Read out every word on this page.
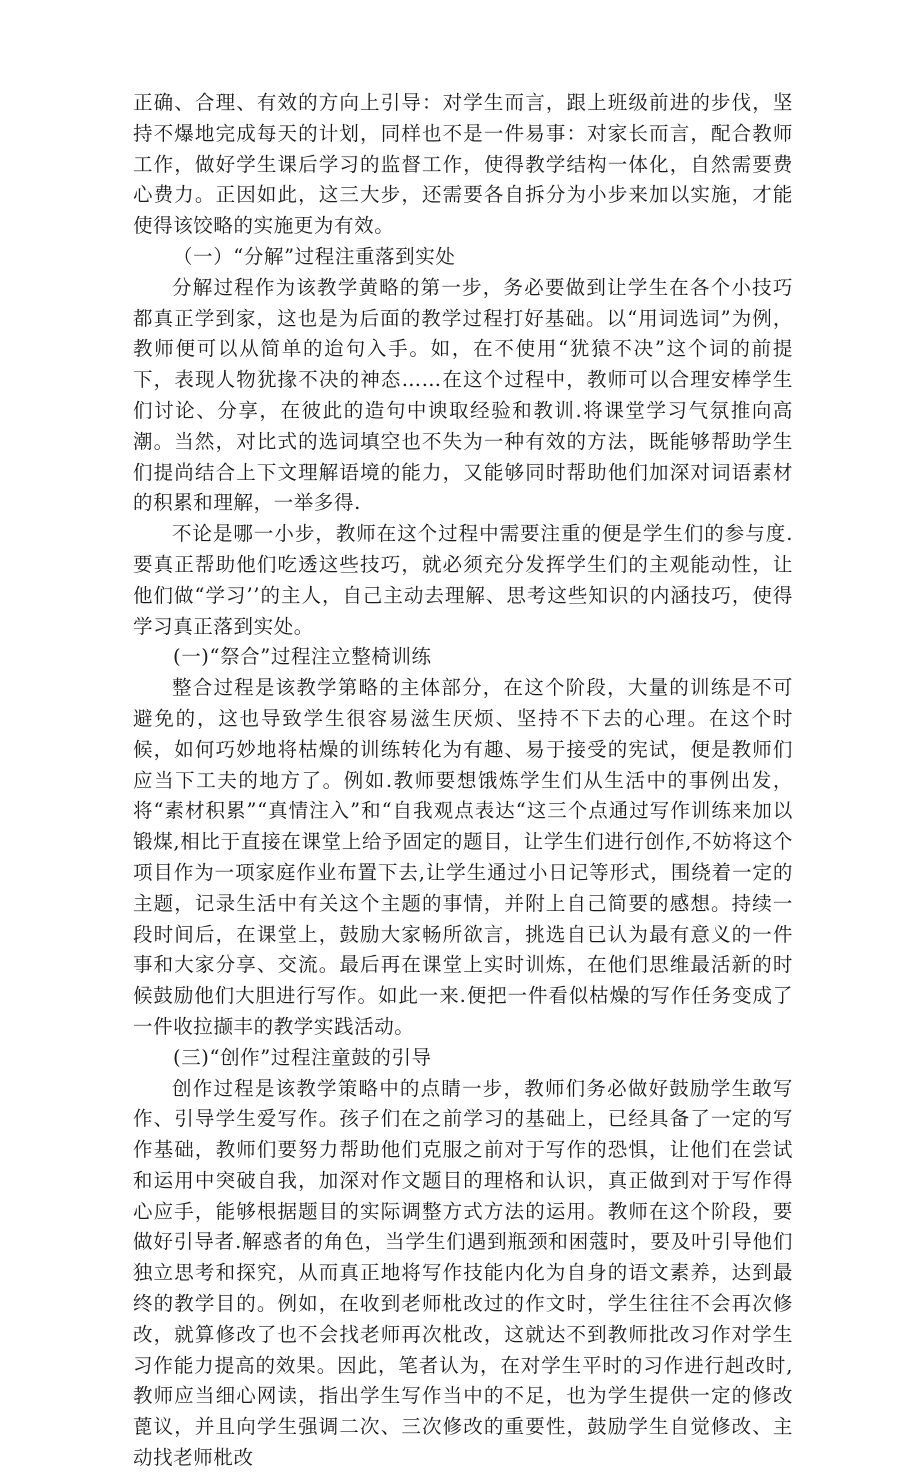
正确、合理、有效的方向上引导：对学生而言，跟上班级前进的步伐，坚持不爆地完成每天的计划，同样也不是一件易事：对家长而言，配合教师工作，做好学生课后学习的监督工作，使得教学结构一体化，自然需要费心费力。正因如此，这三大步，还需要各自拆分为小步来加以实施，才能使得该饺略的实施更为有效。

（一）“分解”过程注重落到实处

分解过程作为该教学黄略的第一步，务必要做到让学生在各个小技巧都真正学到家，这也是为后面的教学过程打好基础。以“用词选词”为例，教师便可以从简单的迨句入手。如，在不使用“犹猿不决”这个词的前提下，表现人物犹掾不决的神态……在这个过程中，教师可以合理安棒学生们讨论、分享，在彼此的造句中谀取经验和教训.将课堂学习气氛推向高潮。当然，对比式的选词填空也不失为一种有效的方法，既能够帮助学生们提尚结合上下文理解语境的能力，又能够同时帮助他们加深对词语素材的积累和理解，一举多得.

不论是哪一小步，教师在这个过程中需要注重的便是学生们的参与度.要真正帮助他们吃透这些技巧，就必须充分发挥学生们的主观能动性，让他们做“学习’’的主人，自己主动去理解、思考这些知识的内涵技巧，使得学习真正落到实处。

(一)“祭合”过程注立整椅训练

整合过程是该教学第略的主体部分，在这个阶段，大量的训练是不可避免的，这也导致学生很容易滋生厌烦、坚持不下去的心理。在这个时候，如何巧妙地将枯燥的训练转化为有趣、易于接受的宪试，便是教师们应当下工夫的地方了。例如.教师要想饿炼学生们从生活中的事例出发，将“素材积累”“真情注入”和“自我观点表达“这三个点通过写作训练来加以锻煤,相比于直接在课堂上给予固定的题目，让学生们进行创作,不妨将这个项目作为一项家庭作业布置下去,让学生通过小日记等形式，围绕着一定的主题，记录生活中有关这个主题的事情，并附上自己简要的感想。持续一段时间后，在课堂上，鼓励大家畅所欲言，挑选自已认为最有意义的一件事和大家分享、交流。最后再在课堂上实时训炼，在他们思维最活新的时候鼓励他们大胆进行写作。如此一来.便把一件看似枯燥的写作任务变成了一件收拉撷丰的教学实践活动。

(三)“创作”过程注童鼓的引导

创作过程是该教学策略中的点睛一步，教师们务必做好鼓励学生敢写作、引导学生爱写作。孩子们在之前学习的基础上，已经具备了一定的写作基础，教师们要努力帮助他们克服之前对于写作的恐惧，让他们在尝试和运用中突破自我，加深对作文题目的理格和认识，真正做到对于写作得心应手，能够根据题目的实际调整方式方法的运用。教师在这个阶段，要做好引导者.解惑者的角色，当学生们遇到瓶颈和困蔻时，要及叶引导他们独立思考和探究，从而真正地将写作技能内化为自身的语文素养，达到最终的教学目的。例如，在收到老师枇改过的作文时，学生往往不会再次修改，就算修改了也不会找老师再次枇改，这就达不到教师批改习作对学生习作能力提高的效果。因此，笔者认为，在对学生平时的习作进行赳改时,教师应当细心网读，指出学生写作当中的不足，也为学生提供一定的修改蓖议，并且向学生强调二次、三次修改的重要性，鼓励学生自觉修改、主动找老师枇改
